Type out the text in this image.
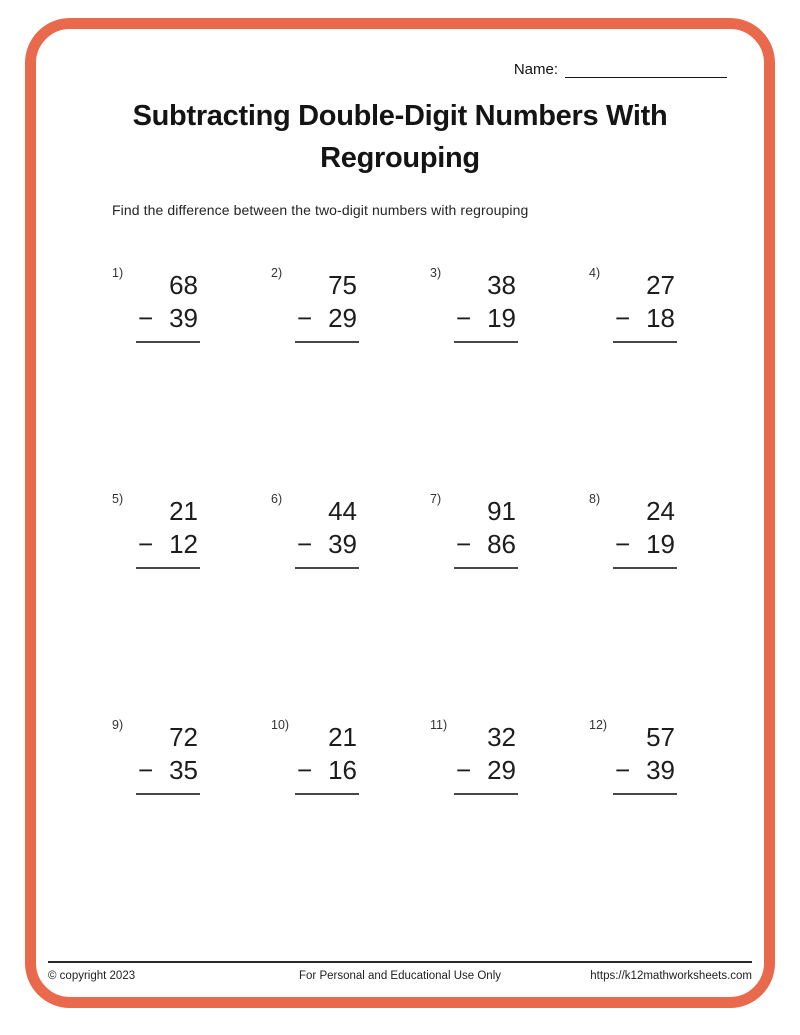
Name:
Subtracting Double-Digit Numbers With
Regrouping
Find the difference between the two-digit numbers with regrouping
1)	68
− 39
2)	75
− 29
3)	38
− 19
4)	27
− 18
5)	21
− 12
6)	44
− 39
7)	91
− 86
8)	24
− 19
9)	72
− 35
10)	21
− 16
11)	32
− 29
12)	57
− 39
© copyright 2023	For Personal and Educational Use Only	https://k12mathworksheets.com
